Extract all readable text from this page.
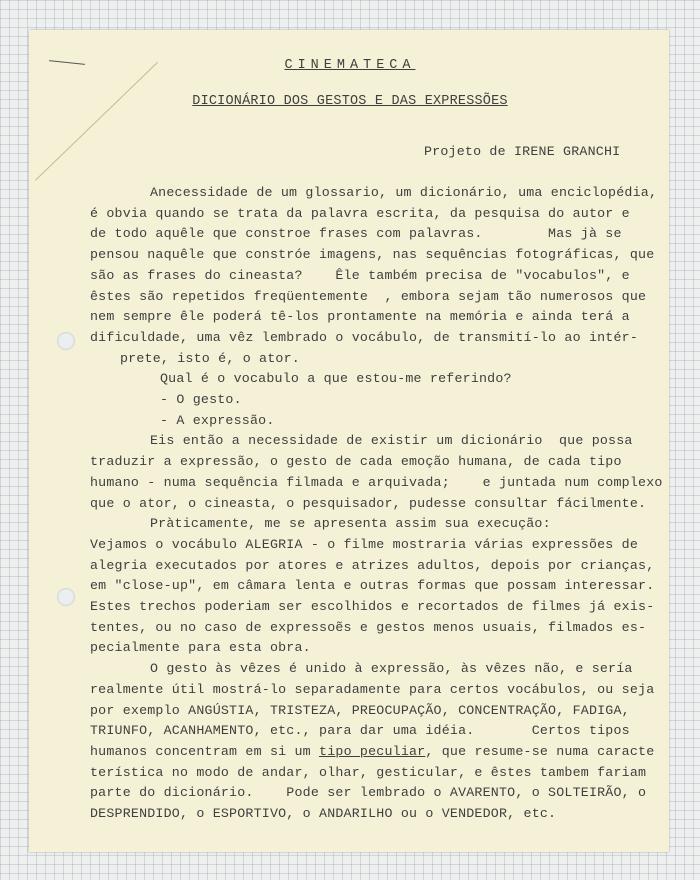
CINEMATECA
DICIONÁRIO DOS GESTOS E DAS EXPRESSÕES
Projeto de IRENE GRANCHI
Anecessidade de um glossario, um dicionário, uma enciclopédia,
é obvia quando se trata da palavra escrita, da pesquisa do autor e
de todo aquêle que constroe frases com palavras.        Mas jà se
pensou naquêle que constróe imagens, nas sequências fotográficas, que
são as frases do cineasta?    Êle também precisa de "vocabulos", e
êstes são repetidos freqüentemente  , embora sejam tão numerosos que
nem sempre êle poderá tê-los prontamente na memória e ainda terá a
dificuldade, uma vêz lembrado o vocábulo, de transmití-lo ao intér-
prete, isto é, o ator.
Qual é o vocabulo a que estou-me referindo?
- O gesto.
- A expressão.
Eis então a necessidade de existir um dicionário  que possa
traduzir a expressão, o gesto de cada emoção humana, de cada tipo
humano - numa sequência filmada e arquivada;    e juntada num complexo
que o ator, o cineasta, o pesquisador, pudesse consultar fácilmente.
Pràticamente, me se apresenta assim sua execução:
Vejamos o vocábulo ALEGRIA - o filme mostraria várias expressões de
alegria executados por atores e atrizes adultos, depois por crianças,
em "close-up", em câmara lenta e outras formas que possam interessar.
Estes trechos poderiam ser escolhidos e recortados de filmes já exis-
tentes, ou no caso de expressoẽs e gestos menos usuais, filmados es-
pecialmente para esta obra.
O gesto às vêzes é unido à expressão, às vêzes não, e sería
realmente útil mostrá-lo separadamente para certos vocábulos, ou seja
por exemplo ANGÚSTIA, TRISTEZA, PREOCUPAÇÃO, CONCENTRAÇÃO, FADIGA,
TRIUNFO, ACANHAMENTO, etc., para dar uma idéia.       Certos tipos
humanos concentram em si um tipo peculiar, que resume-se numa caracte
terística no modo de andar, olhar, gesticular, e êstes tambem fariam
parte do dicionário.    Pode ser lembrado o AVARENTO, o SOLTEIRÃO, o
DESPRENDIDO, o ESPORTIVO, o ANDARILHO ou o VENDEDOR, etc.
